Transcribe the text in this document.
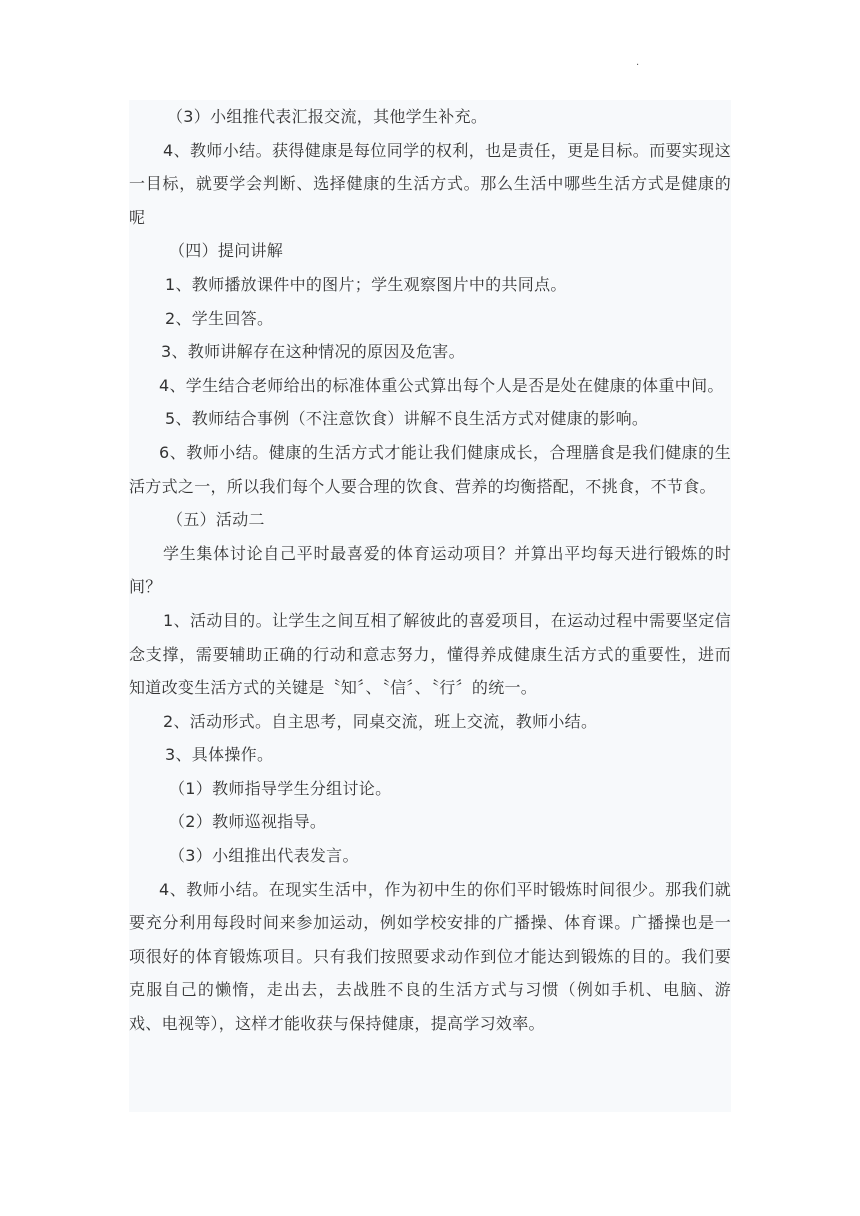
.

（3）小组推代表汇报交流，其他学生补充。

4、教师小结。获得健康是每位同学的权利，也是责任，更是目标。而要实现这一目标，就要学会判断、选择健康的生活方式。那么生活中哪些生活方式是健康的呢

（四）提问讲解

1、教师播放课件中的图片；学生观察图片中的共同点。

2、学生回答。

3、教师讲解存在这种情况的原因及危害。

4、学生结合老师给出的标准体重公式算出每个人是否是处在健康的体重中间。

5、教师结合事例（不注意饮食）讲解不良生活方式对健康的影响。

6、教师小结。健康的生活方式才能让我们健康成长，合理膳食是我们健康的生活方式之一，所以我们每个人要合理的饮食、营养的均衡搭配，不挑食，不节食。

（五）活动二

学生集体讨论自己平时最喜爱的体育运动项目？并算出平均每天进行锻炼的时间？

1、活动目的。让学生之间互相了解彼此的喜爱项目，在运动过程中需要坚定信念支撑，需要辅助正确的行动和意志努力，懂得养成健康生活方式的重要性，进而知道改变生活方式的关键是〝知〞、〝信〞、〝行〞的统一。

2、活动形式。自主思考，同桌交流，班上交流，教师小结。

3、具体操作。

（1）教师指导学生分组讨论。

（2）教师巡视指导。

（3）小组推出代表发言。

4、教师小结。在现实生活中，作为初中生的你们平时锻炼时间很少。那我们就要充分利用每段时间来参加运动，例如学校安排的广播操、体育课。广播操也是一项很好的体育锻炼项目。只有我们按照要求动作到位才能达到锻炼的目的。我们要克服自己的懒惰，走出去，去战胜不良的生活方式与习惯（例如手机、电脑、游戏、电视等），这样才能收获与保持健康，提高学习效率。
